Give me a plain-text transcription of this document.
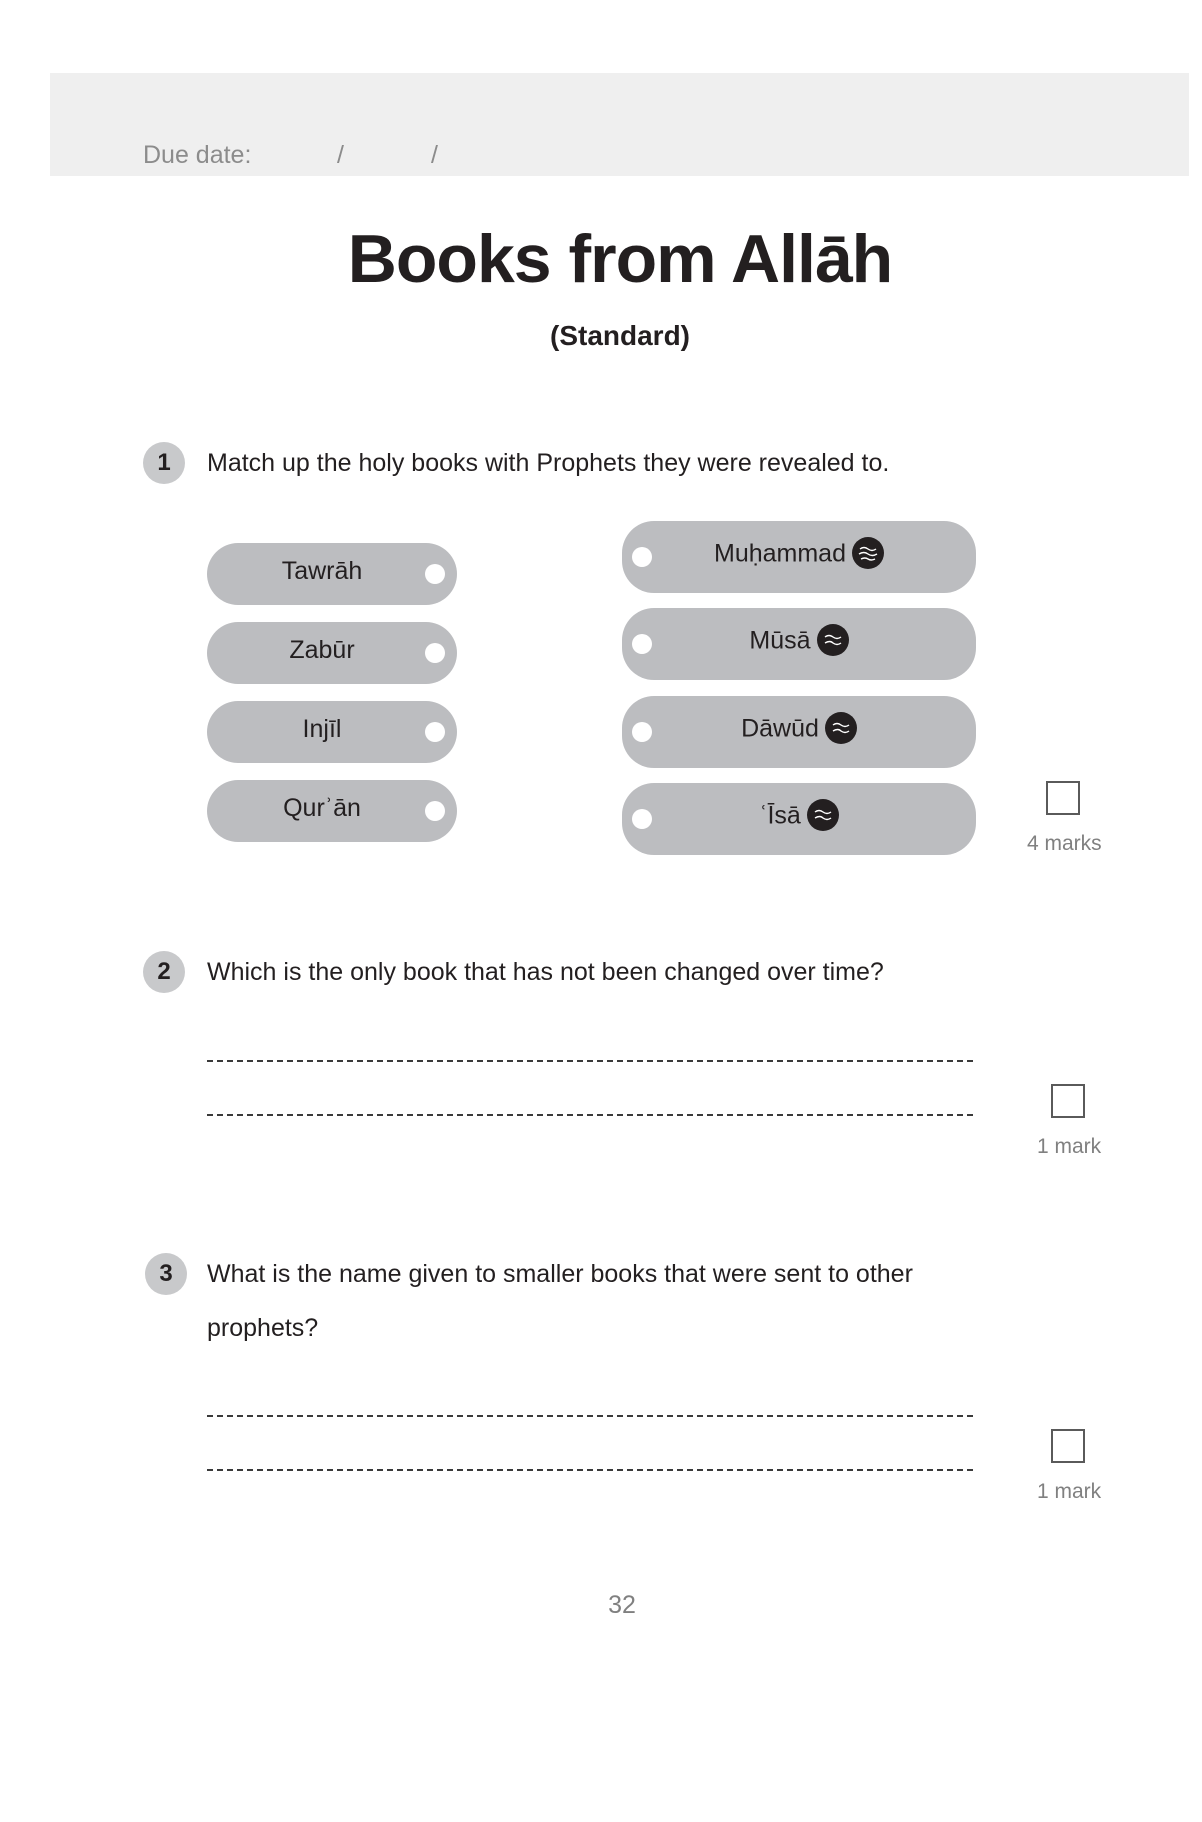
Due date:	/	/
Books from Allāh
(Standard)
1	Match up the holy books with Prophets they were revealed to.
Tawrāh
Zabūr
Injīl
Qurʾān
Muḥammad
Mūsā
Dāwūd
ʿĪsā
4 marks
2	Which is the only book that has not been changed over time?
1 mark
3	What is the name given to smaller books that were sent to other
prophets?
1 mark
32
